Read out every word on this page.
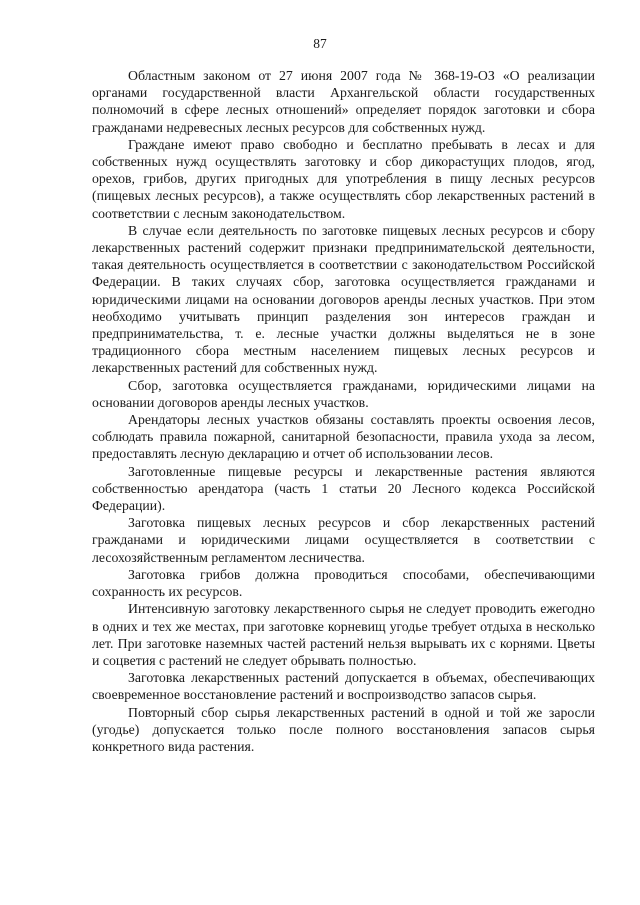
87

Областным законом от 27 июня 2007 года № 368-19-ОЗ «О реализации органами государственной власти Архангельской области государственных полномочий в сфере лесных отношений» определяет порядок заготовки и сбора гражданами недревесных лесных ресурсов для собственных нужд.

Граждане имеют право свободно и бесплатно пребывать в лесах и для собственных нужд осуществлять заготовку и сбор дикорастущих плодов, ягод, орехов, грибов, других пригодных для употребления в пищу лесных ресурсов (пищевых лесных ресурсов), а также осуществлять сбор лекарственных растений в соответствии с лесным законодательством.

В случае если деятельность по заготовке пищевых лесных ресурсов и сбору лекарственных растений содержит признаки предпринимательской деятельности, такая деятельность осуществляется в соответствии с законодательством Российской Федерации. В таких случаях сбор, заготовка осуществляется гражданами и юридическими лицами на основании договоров аренды лесных участков. При этом необходимо учитывать принцип разделения зон интересов граждан и предпринимательства, т. е. лесные участки должны выделяться не в зоне традиционного сбора местным населением пищевых лесных ресурсов и лекарственных растений для собственных нужд.

Сбор, заготовка осуществляется гражданами, юридическими лицами на основании договоров аренды лесных участков.

Арендаторы лесных участков обязаны составлять проекты освоения лесов, соблюдать правила пожарной, санитарной безопасности, правила ухода за лесом, предоставлять лесную декларацию и отчет об использовании лесов.

Заготовленные пищевые ресурсы и лекарственные растения являются собственностью арендатора (часть 1 статьи 20 Лесного кодекса Российской Федерации).

Заготовка пищевых лесных ресурсов и сбор лекарственных растений гражданами и юридическими лицами осуществляется в соответствии с лесохозяйственным регламентом лесничества.

Заготовка грибов должна проводиться способами, обеспечивающими сохранность их ресурсов.

Интенсивную заготовку лекарственного сырья не следует проводить ежегодно в одних и тех же местах, при заготовке корневищ угодье требует отдыха в несколько лет. При заготовке наземных частей растений нельзя вырывать их с корнями. Цветы и соцветия с растений не следует обрывать полностью.

Заготовка лекарственных растений допускается в объемах, обеспечивающих своевременное восстановление растений и воспроизводство запасов сырья.

Повторный сбор сырья лекарственных растений в одной и той же заросли (угодье) допускается только после полного восстановления запасов сырья конкретного вида растения.
